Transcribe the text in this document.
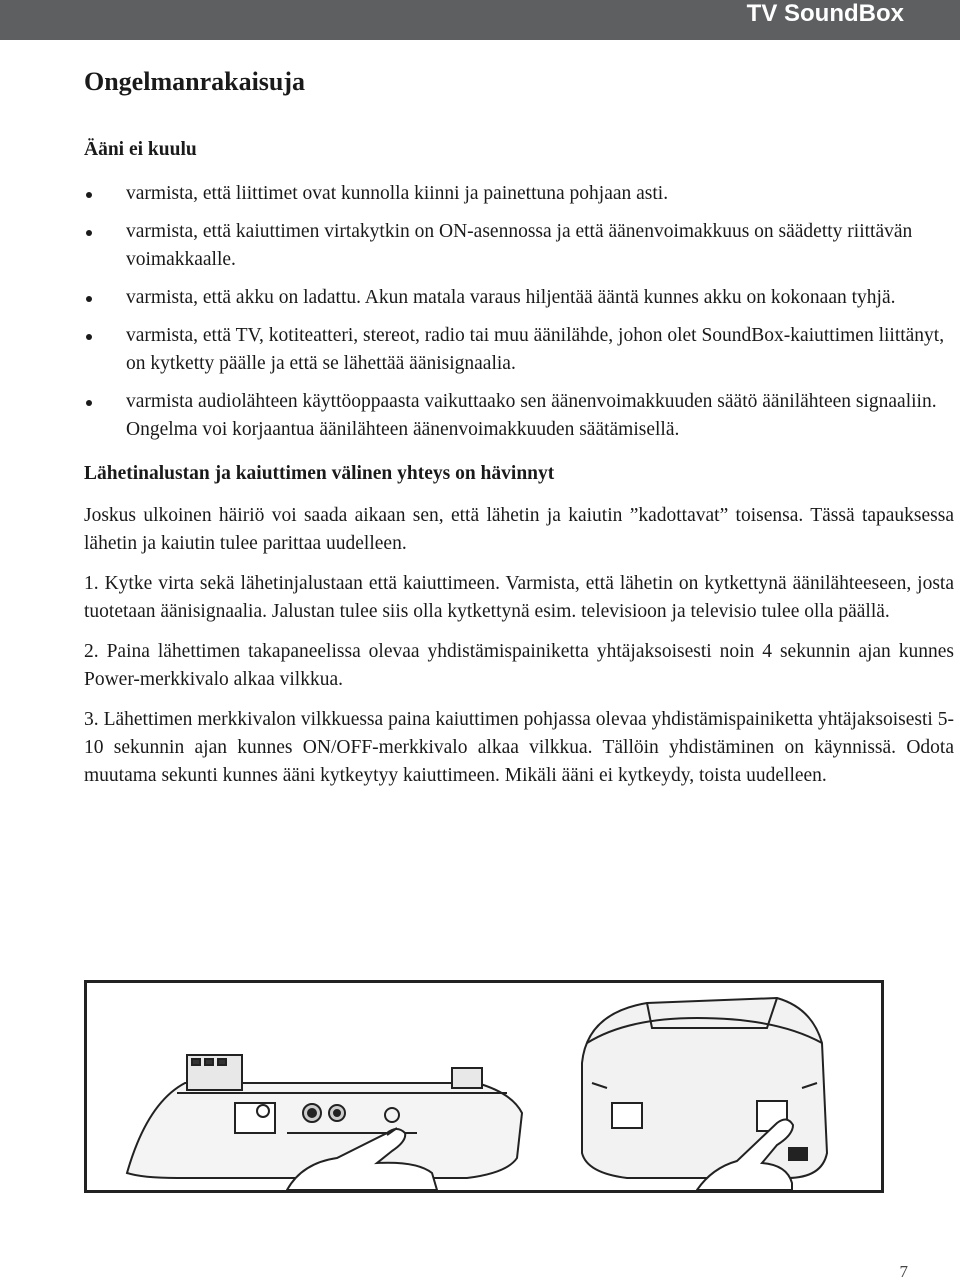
TV SoundBox
Ongelmanrakaisuja
Ääni ei kuulu
varmista, että liittimet ovat kunnolla kiinni ja painettuna pohjaan asti.
varmista, että kaiuttimen virtakytkin on ON-asennossa ja että äänenvoimakkuus on säädetty riittävän voimakkaalle.
varmista, että akku on ladattu. Akun matala varaus hiljentää ääntä kunnes akku on kokonaan tyhjä.
varmista, että TV, kotiteatteri, stereot, radio tai muu äänilähde, johon olet SoundBox-kaiuttimen liittänyt, on kytketty päälle ja että se lähettää äänisignaalia.
varmista audiolähteen käyttöoppaasta vaikuttaako sen äänenvoimakkuuden säätö äänilähteen signaaliin. Ongelma voi korjaantua äänilähteen äänenvoimakkuuden säätämisellä.
Lähetinalustan ja kaiuttimen välinen yhteys on hävinnyt

Joskus ulkoinen häiriö voi saada aikaan sen, että lähetin ja kaiutin ”kadottavat” toisensa. Tässä tapauksessa lähetin ja kaiutin tulee parittaa uudelleen.

1. Kytke virta sekä lähetinjalustaan että kaiuttimeen. Varmista, että lähetin on kytkettynä äänilähteeseen, josta tuotetaan äänisignaalia. Jalustan tulee siis olla kytkettynä esim. televisioon ja televisio tulee olla päällä.

2. Paina lähettimen takapaneelissa olevaa yhdistämispainiketta yhtäjaksoisesti noin 4 sekunnin ajan kunnes Power-merkkivalo alkaa vilkkua.

3. Lähettimen merkkivalon vilkkuessa paina kaiuttimen pohjassa olevaa yhdistämispainiketta yhtäjaksoisesti 5-10 sekunnin ajan kunnes ON/OFF-merkkivalo alkaa vilkkua. Tällöin yhdistäminen on käynnissä. Odota muutama sekunti kunnes ääni kytkeytyy kaiuttimeen. Mikäli ääni ei kytkeydy, toista uudelleen.

7
